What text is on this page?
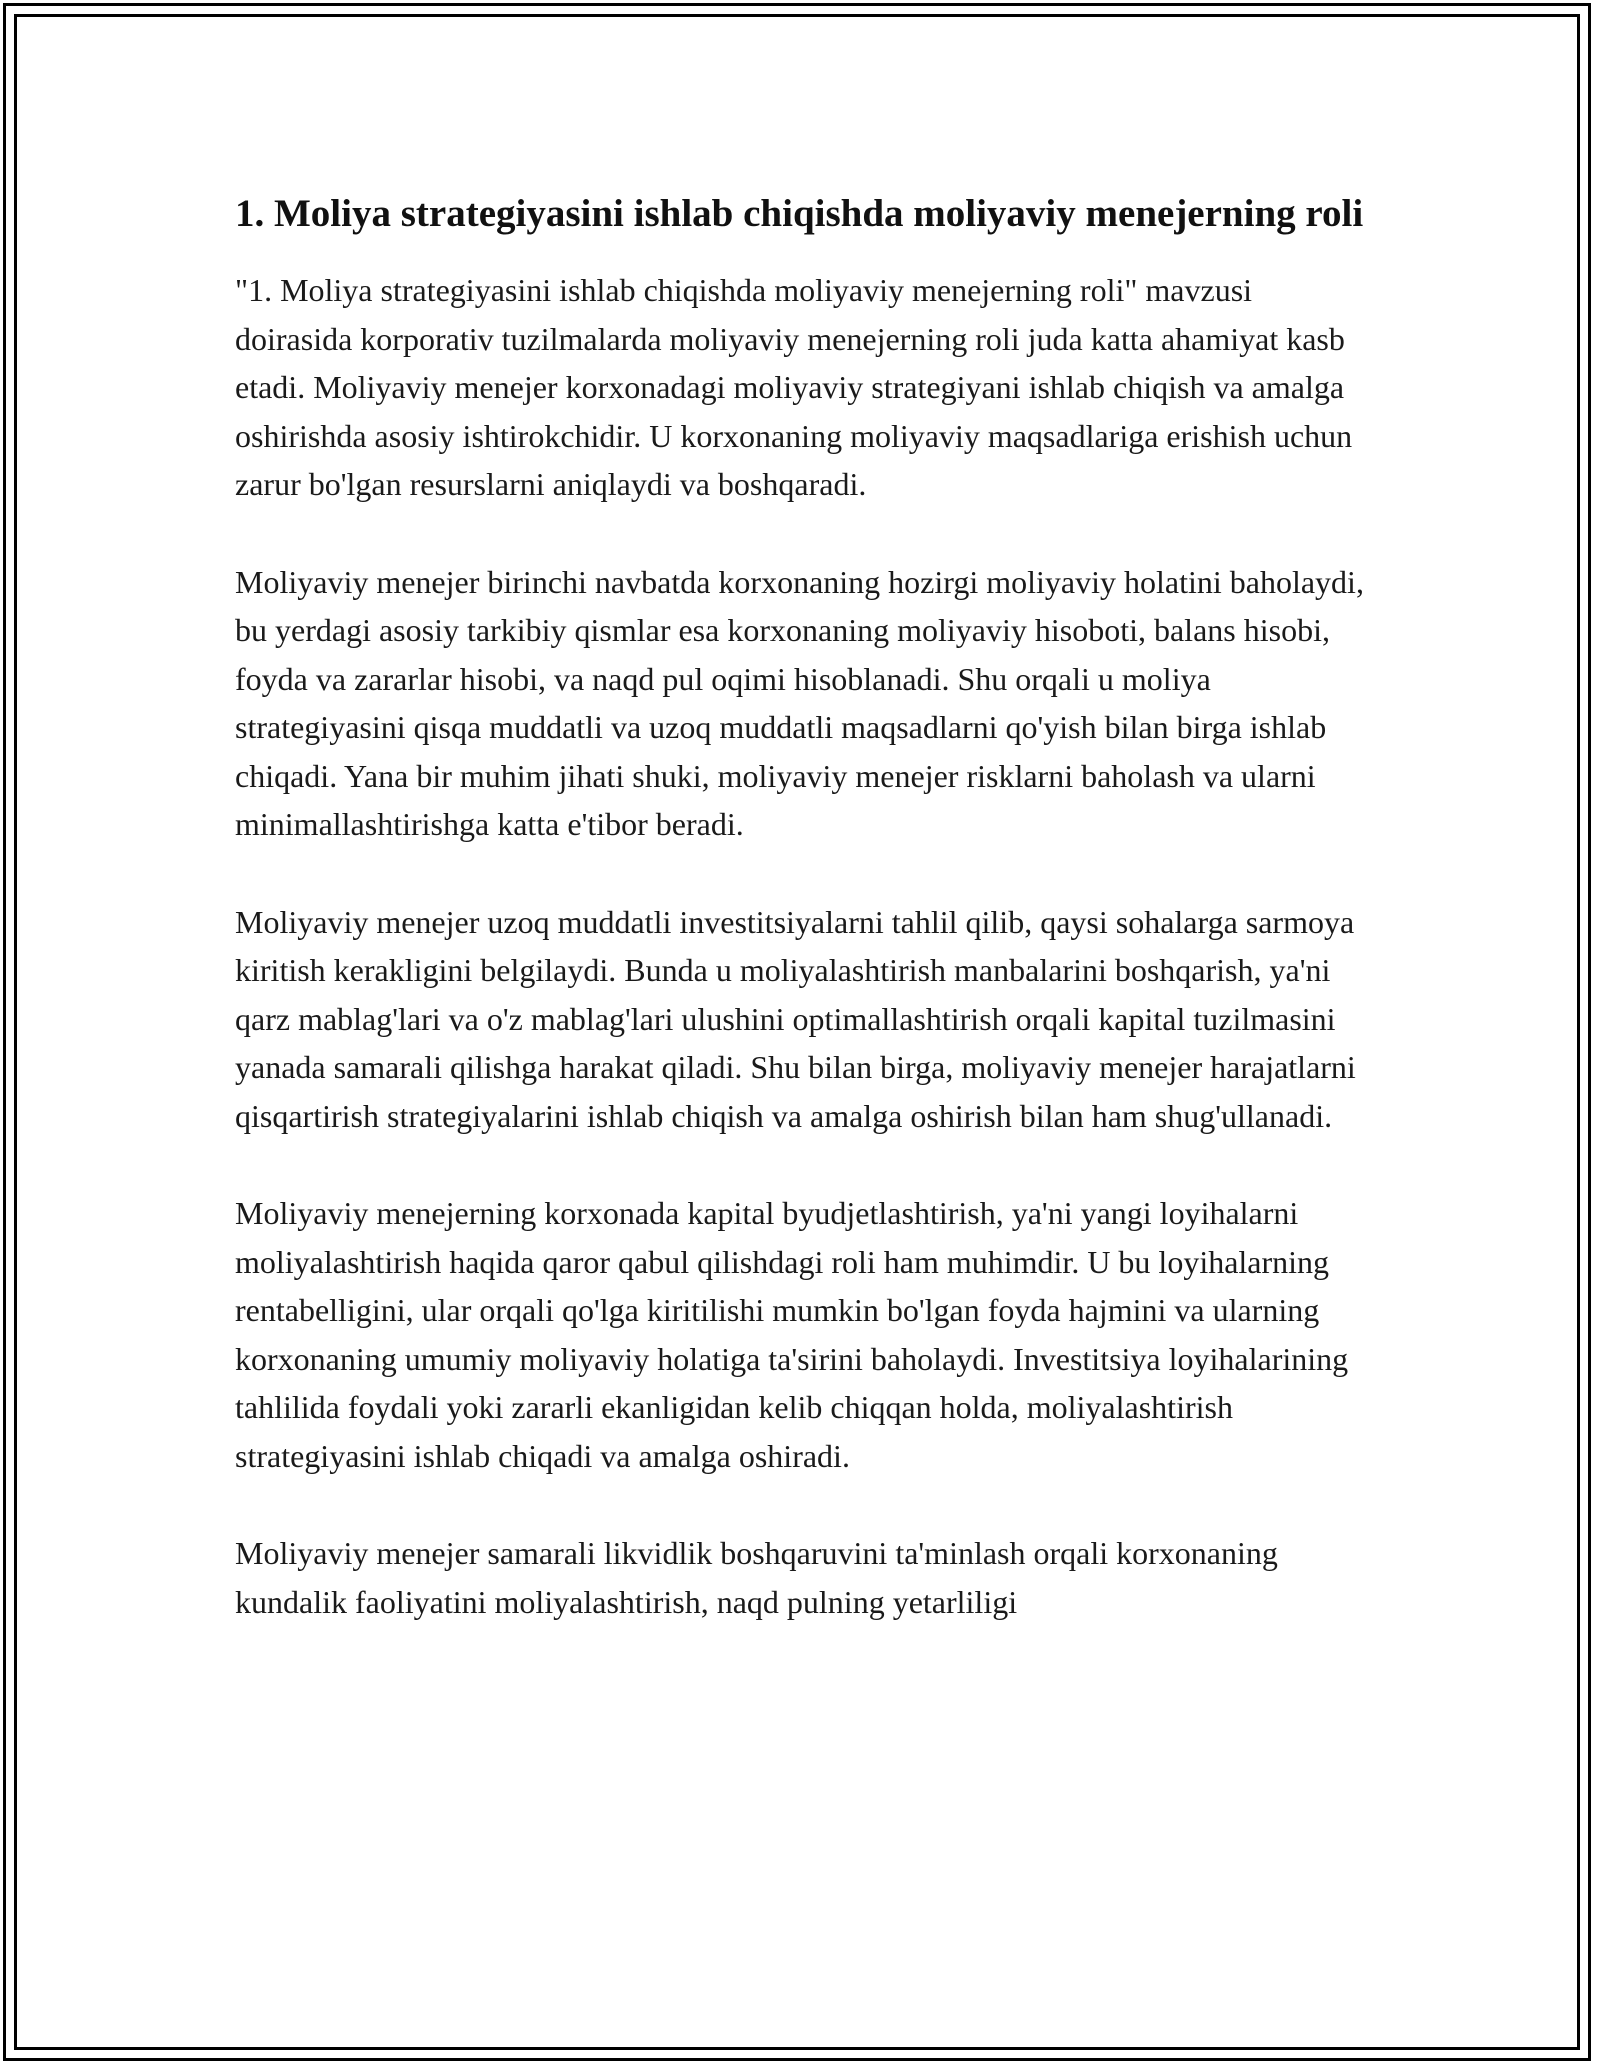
1. Moliya strategiyasini ishlab chiqishda moliyaviy menejerning roli

"1. Moliya strategiyasini ishlab chiqishda moliyaviy menejerning roli" mavzusi doirasida korporativ tuzilmalarda moliyaviy menejerning roli juda katta ahamiyat kasb etadi. Moliyaviy menejer korxonadagi moliyaviy strategiyani ishlab chiqish va amalga oshirishda asosiy ishtirokchidir. U korxonaning moliyaviy maqsadlariga erishish uchun zarur bo'lgan resurslarni aniqlaydi va boshqaradi.

Moliyaviy menejer birinchi navbatda korxonaning hozirgi moliyaviy holatini baholaydi, bu yerdagi asosiy tarkibiy qismlar esa korxonaning moliyaviy hisoboti, balans hisobi, foyda va zararlar hisobi, va naqd pul oqimi hisoblanadi. Shu orqali u moliya strategiyasini qisqa muddatli va uzoq muddatli maqsadlarni qo'yish bilan birga ishlab chiqadi. Yana bir muhim jihati shuki, moliyaviy menejer risklarni baholash va ularni minimallashtirishga katta e'tibor beradi.

Moliyaviy menejer uzoq muddatli investitsiyalarni tahlil qilib, qaysi sohalarga sarmoya kiritish kerakligini belgilaydi. Bunda u moliyalashtirish manbalarini boshqarish, ya'ni qarz mablag'lari va o'z mablag'lari ulushini optimallashtirish orqali kapital tuzilmasini yanada samarali qilishga harakat qiladi. Shu bilan birga, moliyaviy menejer harajatlarni qisqartirish strategiyalarini ishlab chiqish va amalga oshirish bilan ham shug'ullanadi.

Moliyaviy menejerning korxonada kapital byudjetlashtirish, ya'ni yangi loyihalarni moliyalashtirish haqida qaror qabul qilishdagi roli ham muhimdir. U bu loyihalarning rentabelligini, ular orqali qo'lga kiritilishi mumkin bo'lgan foyda hajmini va ularning korxonaning umumiy moliyaviy holatiga ta'sirini baholaydi. Investitsiya loyihalarining tahlilida foydali yoki zararli ekanligidan kelib chiqqan holda, moliyalashtirish strategiyasini ishlab chiqadi va amalga oshiradi.

Moliyaviy menejer samarali likvidlik boshqaruvini ta'minlash orqali korxonaning kundalik faoliyatini moliyalashtirish, naqd pulning yetarliligi
